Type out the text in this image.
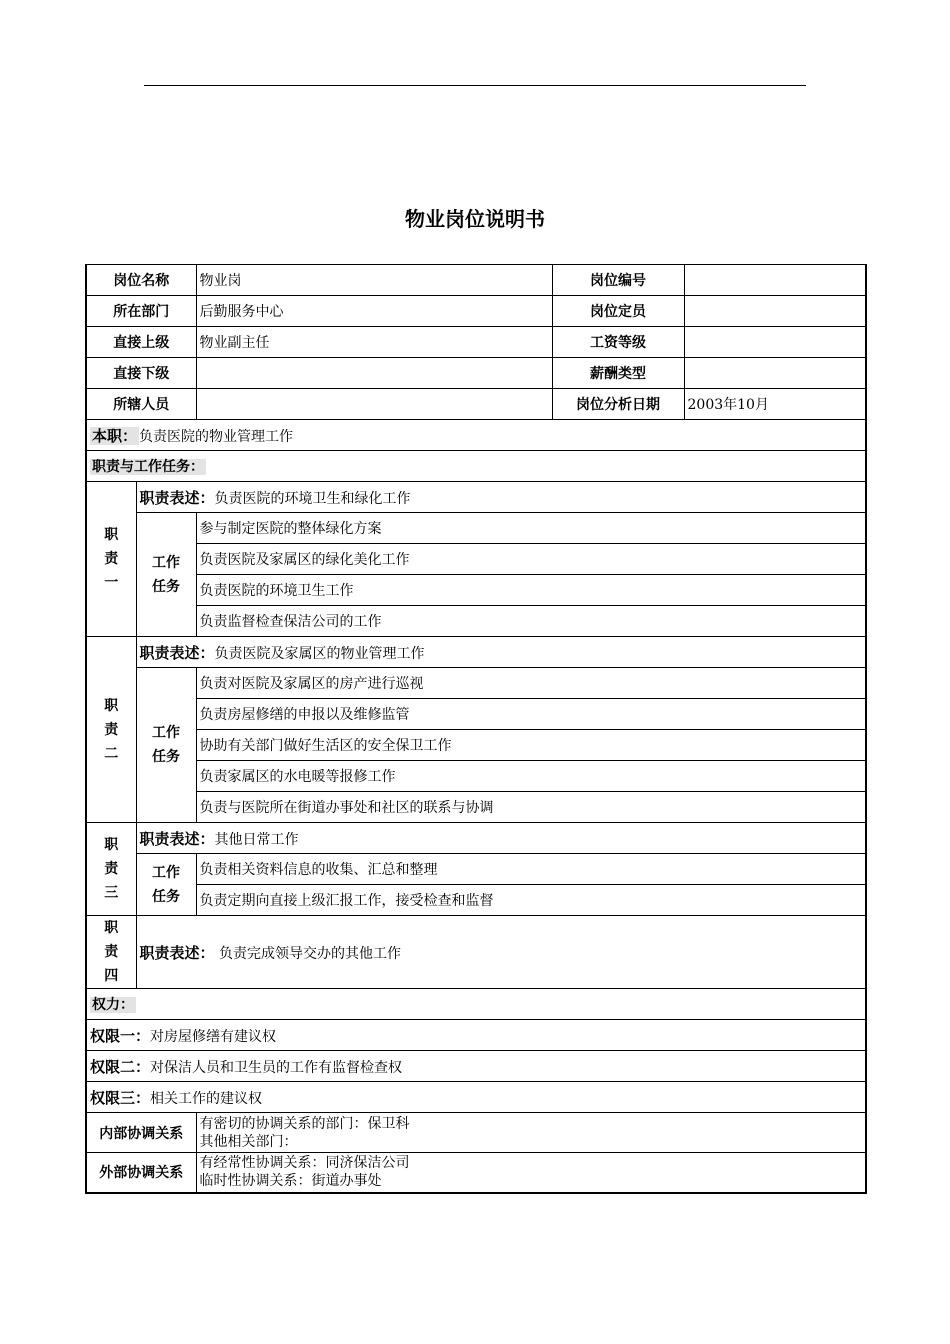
物业岗位说明书
岗位名称		物业岗	岗位编号	
所在部门		后勤服务中心	岗位定员	
直接上级		物业副主任	工资等级	
直接下级			薪酬类型	
所辖人员			岗位分析日期	2003年10月
本职： 负责医院的物业管理工作				
职责与工作任务：				
职
责
一	职责表述：负责医院的环境卫生和绿化工作			
	工作
任务	参与制定医院的整体绿化方案		
		负责医院及家属区的绿化美化工作		
		负责医院的环境卫生工作		
		负责监督检查保洁公司的工作		
职
责
二	职责表述：负责医院及家属区的物业管理工作			
	工作
任务	负责对医院及家属区的房产进行巡视		
		负责房屋修缮的申报以及维修监管		
		协助有关部门做好生活区的安全保卫工作		
		负责家属区的水电暖等报修工作		
		负责与医院所在街道办事处和社区的联系与协调		
职
责
三	职责表述：其他日常工作			
	工作
任务	负责相关资料信息的收集、汇总和整理		
		负责定期向直接上级汇报工作，接受检查和监督		
职
责
四	职责表述： 负责完成领导交办的其他工作			
权力：				
权限一：对房屋修缮有建议权				
权限二：对保洁人员和卫生员的工作有监督检查权				
权限三：相关工作的建议权				
内部协调关系		有密切的协调关系的部门：保卫科
其他相关部门：		

外部协调关系		有经常性协调关系：同济保洁公司
临时性协调关系：街道办事处		
